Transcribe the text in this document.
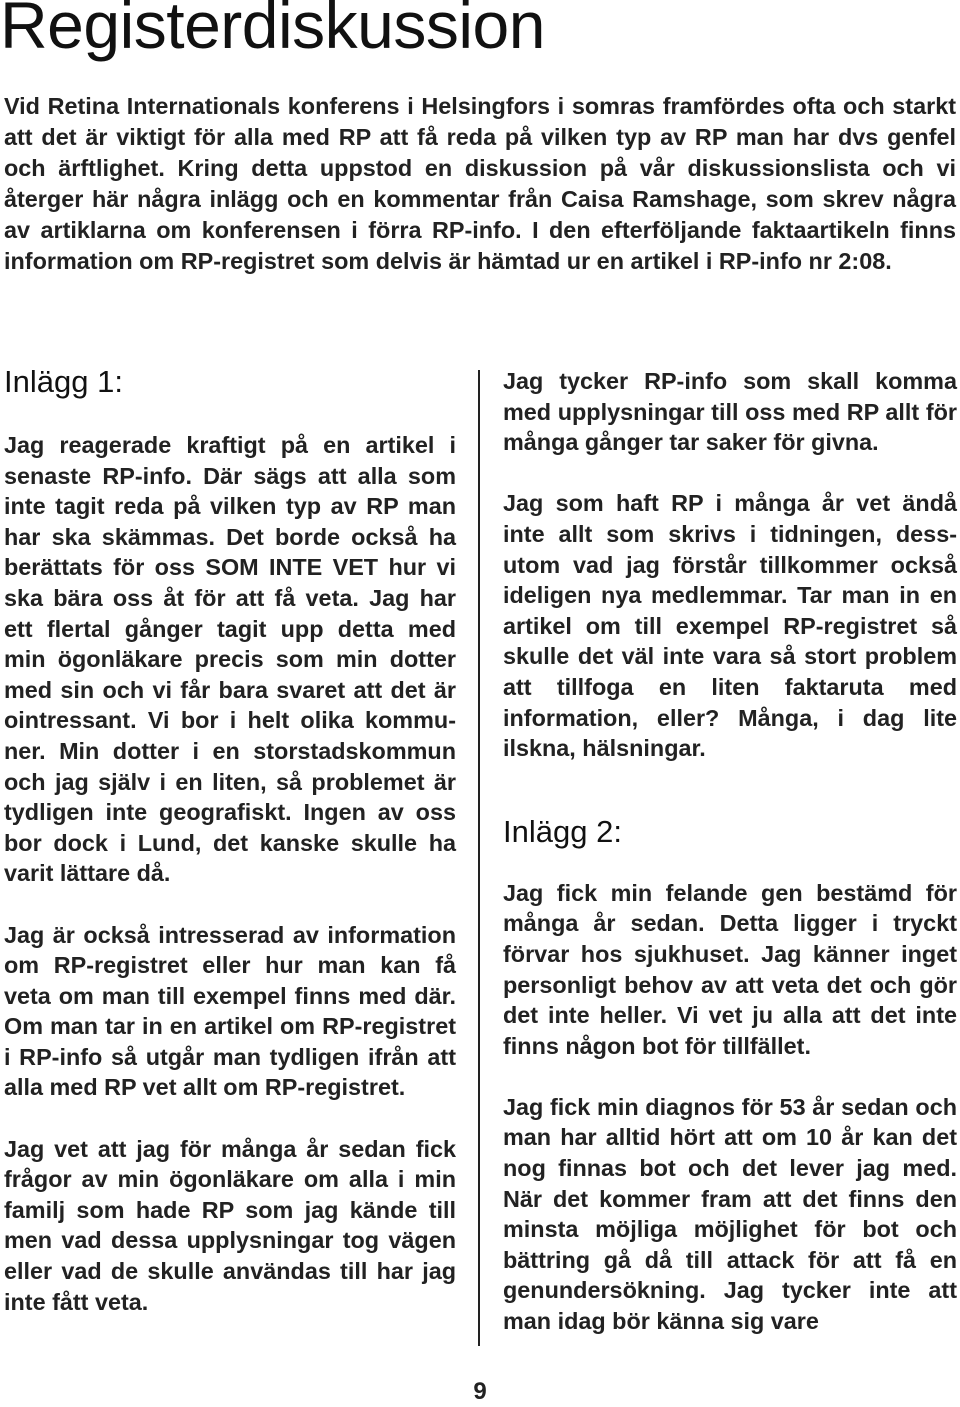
Registerdiskussion

Vid Retina Internationals konferens i Helsingfors i somras framfördes ofta och starkt att det är viktigt för alla med RP att få reda på vilken typ av RP man har dvs genfel och ärftlighet. Kring detta uppstod en diskussion på vår diskussionslista och vi återger här några inlägg och en kommentar från Caisa Ramshage, som skrev några av artiklarna om konferensen i förra RP-info. I den efterföljande faktaartikeln finns information om RP-registret som delvis är hämtad ur en artikel i RP-info nr 2:08.

Inlägg 1:

Jag reagerade kraftigt på en artikel i senaste RP-info. Där sägs att alla som inte tagit reda på vilken typ av RP man har ska skämmas. Det borde också ha berättats för oss SOM INTE VET hur vi ska bära oss åt för att få veta. Jag har ett flertal gånger tagit upp detta med min ögonläkare precis som min dotter med sin och vi får bara svaret att det är ointressant. Vi bor i helt olika kommuner. Min dotter i en storstadskommun och jag själv i en liten, så problemet är tydligen inte geografiskt. Ingen av oss bor dock i Lund, det kanske skulle ha varit lättare då.

Jag är också intresserad av information om RP-registret eller hur man kan få veta om man till exempel finns med där. Om man tar in en artikel om RP-registret i RP-info så utgår man tydligen ifrån att alla med RP vet allt om RP-registret.

Jag vet att jag för många år sedan fick frågor av min ögonläkare om alla i min familj som hade RP som jag kände till men vad dessa upplysningar tog vägen eller vad de skulle användas till har jag inte fått veta.

Jag tycker RP-info som skall komma med upplysningar till oss med RP allt för många gånger tar saker för givna.

Jag som haft RP i många år vet ändå inte allt som skrivs i tidningen, dessutom vad jag förstår tillkommer också ideligen nya medlemmar. Tar man in en artikel om till exempel RP-registret så skulle det väl inte vara så stort problem att tillfoga en liten faktaruta med information, eller? Många, i dag lite ilskna, hälsningar.

Inlägg 2:

Jag fick min felande gen bestämd för många år sedan. Detta ligger i tryckt förvar hos sjukhuset. Jag känner inget personligt behov av att veta det och gör det inte heller. Vi vet ju alla att det inte finns någon bot för tillfället.

Jag fick min diagnos för 53 år sedan och man har alltid hört att om 10 år kan det nog finnas bot och det lever jag med. När det kommer fram att det finns den minsta möjliga möjlighet för bot och bättring gå då till attack för att få en genundersökning. Jag tycker inte att man idag bör känna sig vare

9
